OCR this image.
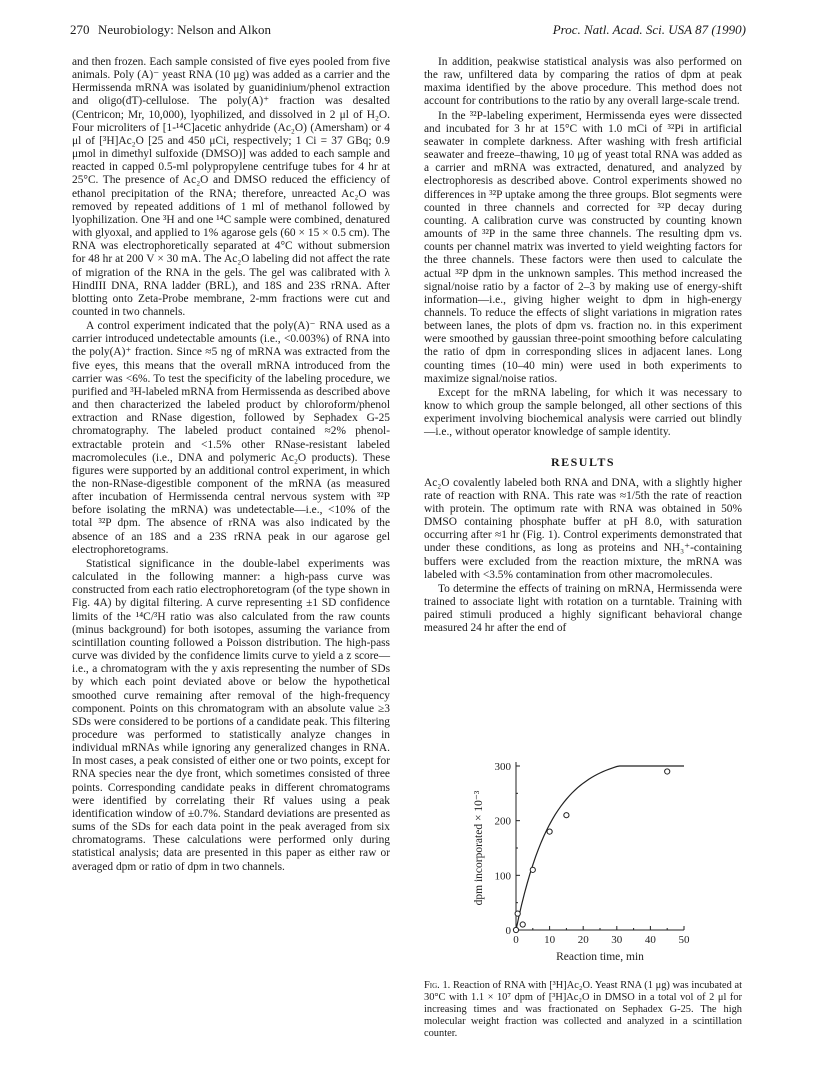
270 Neurobiology: Nelson and Alkon	Proc. Natl. Acad. Sci. USA 87 (1990)

and then frozen. Each sample consisted of five eyes pooled from five animals. Poly (A)⁻ yeast RNA (10 μg) was added as a carrier and the Hermissenda mRNA was isolated by guanidinium/phenol extraction and oligo(dT)-cellulose. The poly(A)⁺ fraction was desalted (Centricon; Mr, 10,000), lyophilized, and dissolved in 2 μl of H₂O. Four microliters of [1-¹⁴C]acetic anhydride (Ac₂O) (Amersham) or 4 μl of [³H]Ac₂O [25 and 450 μCi, respectively; 1 Ci = 37 GBq; 0.9 μmol in dimethyl sulfoxide (DMSO)] was added to each sample and reacted in capped 0.5-ml polypropylene centrifuge tubes for 4 hr at 25°C. The presence of Ac₂O and DMSO reduced the efficiency of ethanol precipitation of the RNA; therefore, unreacted Ac₂O was removed by repeated additions of 1 ml of methanol followed by lyophilization. One ³H and one ¹⁴C sample were combined, denatured with glyoxal, and applied to 1% agarose gels (60 × 15 × 0.5 cm). The RNA was electrophoretically separated at 4°C without submersion for 48 hr at 200 V × 30 mA. The Ac₂O labeling did not affect the rate of migration of the RNA in the gels. The gel was calibrated with λ HindIII DNA, RNA ladder (BRL), and 18S and 23S rRNA. After blotting onto Zeta-Probe membrane, 2-mm fractions were cut and counted in two channels.

A control experiment indicated that the poly(A)⁻ RNA used as a carrier introduced undetectable amounts (i.e., <0.003%) of RNA into the poly(A)⁺ fraction. Since ≈5 ng of mRNA was extracted from the five eyes, this means that the overall mRNA introduced from the carrier was <6%. To test the specificity of the labeling procedure, we purified and ³H-labeled mRNA from Hermissenda as described above and then characterized the labeled product by chloroform/phenol extraction and RNase digestion, followed by Sephadex G-25 chromatography. The labeled product contained ≈2% phenol-extractable protein and <1.5% other RNase-resistant labeled macromolecules (i.e., DNA and polymeric Ac₂O products). These figures were supported by an additional control experiment, in which the non-RNase-digestible component of the mRNA (as measured after incubation of Hermissenda central nervous system with ³²P before isolating the mRNA) was undetectable—i.e., <10% of the total ³²P dpm. The absence of rRNA was also indicated by the absence of an 18S and a 23S rRNA peak in our agarose gel electrophoretograms.

Statistical significance in the double-label experiments was calculated in the following manner: a high-pass curve was constructed from each ratio electrophoretogram (of the type shown in Fig. 4A) by digital filtering. A curve representing ±1 SD confidence limits of the ¹⁴C/³H ratio was also calculated from the raw counts (minus background) for both isotopes, assuming the variance from scintillation counting followed a Poisson distribution. The high-pass curve was divided by the confidence limits curve to yield a z score—i.e., a chromatogram with the y axis representing the number of SDs by which each point deviated above or below the hypothetical smoothed curve remaining after removal of the high-frequency component. Points on this chromatogram with an absolute value ≥3 SDs were considered to be portions of a candidate peak. This filtering procedure was performed to statistically analyze changes in individual mRNAs while ignoring any generalized changes in RNA. In most cases, a peak consisted of either one or two points, except for RNA species near the dye front, which sometimes consisted of three points. Corresponding candidate peaks in different chromatograms were identified by correlating their Rf values using a peak identification window of ±0.7%. Standard deviations are presented as sums of the SDs for each data point in the peak averaged from six chromatograms. These calculations were performed only during statistical analysis; data are presented in this paper as either raw or averaged dpm or ratio of dpm in two channels.

In addition, peakwise statistical analysis was also performed on the raw, unfiltered data by comparing the ratios of dpm at peak maxima identified by the above procedure. This method does not account for contributions to the ratio by any overall large-scale trend.

In the ³²P-labeling experiment, Hermissenda eyes were dissected and incubated for 3 hr at 15°C with 1.0 mCi of ³²Pi in artificial seawater in complete darkness. After washing with fresh artificial seawater and freeze–thawing, 10 μg of yeast total RNA was added as a carrier and mRNA was extracted, denatured, and analyzed by electrophoresis as described above. Control experiments showed no differences in ³²P uptake among the three groups. Blot segments were counted in three channels and corrected for ³²P decay during counting. A calibration curve was constructed by counting known amounts of ³²P in the same three channels. The resulting dpm vs. counts per channel matrix was inverted to yield weighting factors for the three channels. These factors were then used to calculate the actual ³²P dpm in the unknown samples. This method increased the signal/noise ratio by a factor of 2–3 by making use of energy-shift information—i.e., giving higher weight to dpm in high-energy channels. To reduce the effects of slight variations in migration rates between lanes, the plots of dpm vs. fraction no. in this experiment were smoothed by gaussian three-point smoothing before calculating the ratio of dpm in corresponding slices in adjacent lanes. Long counting times (10–40 min) were used in both experiments to maximize signal/noise ratios.

Except for the mRNA labeling, for which it was necessary to know to which group the sample belonged, all other sections of this experiment involving biochemical analysis were carried out blindly—i.e., without operator knowledge of sample identity.

RESULTS

Ac₂O covalently labeled both RNA and DNA, with a slightly higher rate of reaction with RNA. This rate was ≈1/5th the rate of reaction with protein. The optimum rate with RNA was obtained in 50% DMSO containing phosphate buffer at pH 8.0, with saturation occurring after ≈1 hr (Fig. 1). Control experiments demonstrated that under these conditions, as long as proteins and NH₃⁺-containing buffers were excluded from the reaction mixture, the mRNA was labeled with <3.5% contamination from other macromolecules.

To determine the effects of training on mRNA, Hermissenda were trained to associate light with rotation on a turntable. Training with paired stimuli produced a highly significant behavioral change measured 24 hr after the end of

0 10 20 30 40 50
0
100
200
300
Reaction time, min
dpm incorporated × 10⁻³
Fig. 1. Reaction of RNA with [³H]Ac₂O. Yeast RNA (1 μg) was incubated at 30°C with 1.1 × 10⁷ dpm of [³H]Ac₂O in DMSO in a total vol of 2 μl for increasing times and was fractionated on Sephadex G-25. The high molecular weight fraction was collected and analyzed in a scintillation counter.
